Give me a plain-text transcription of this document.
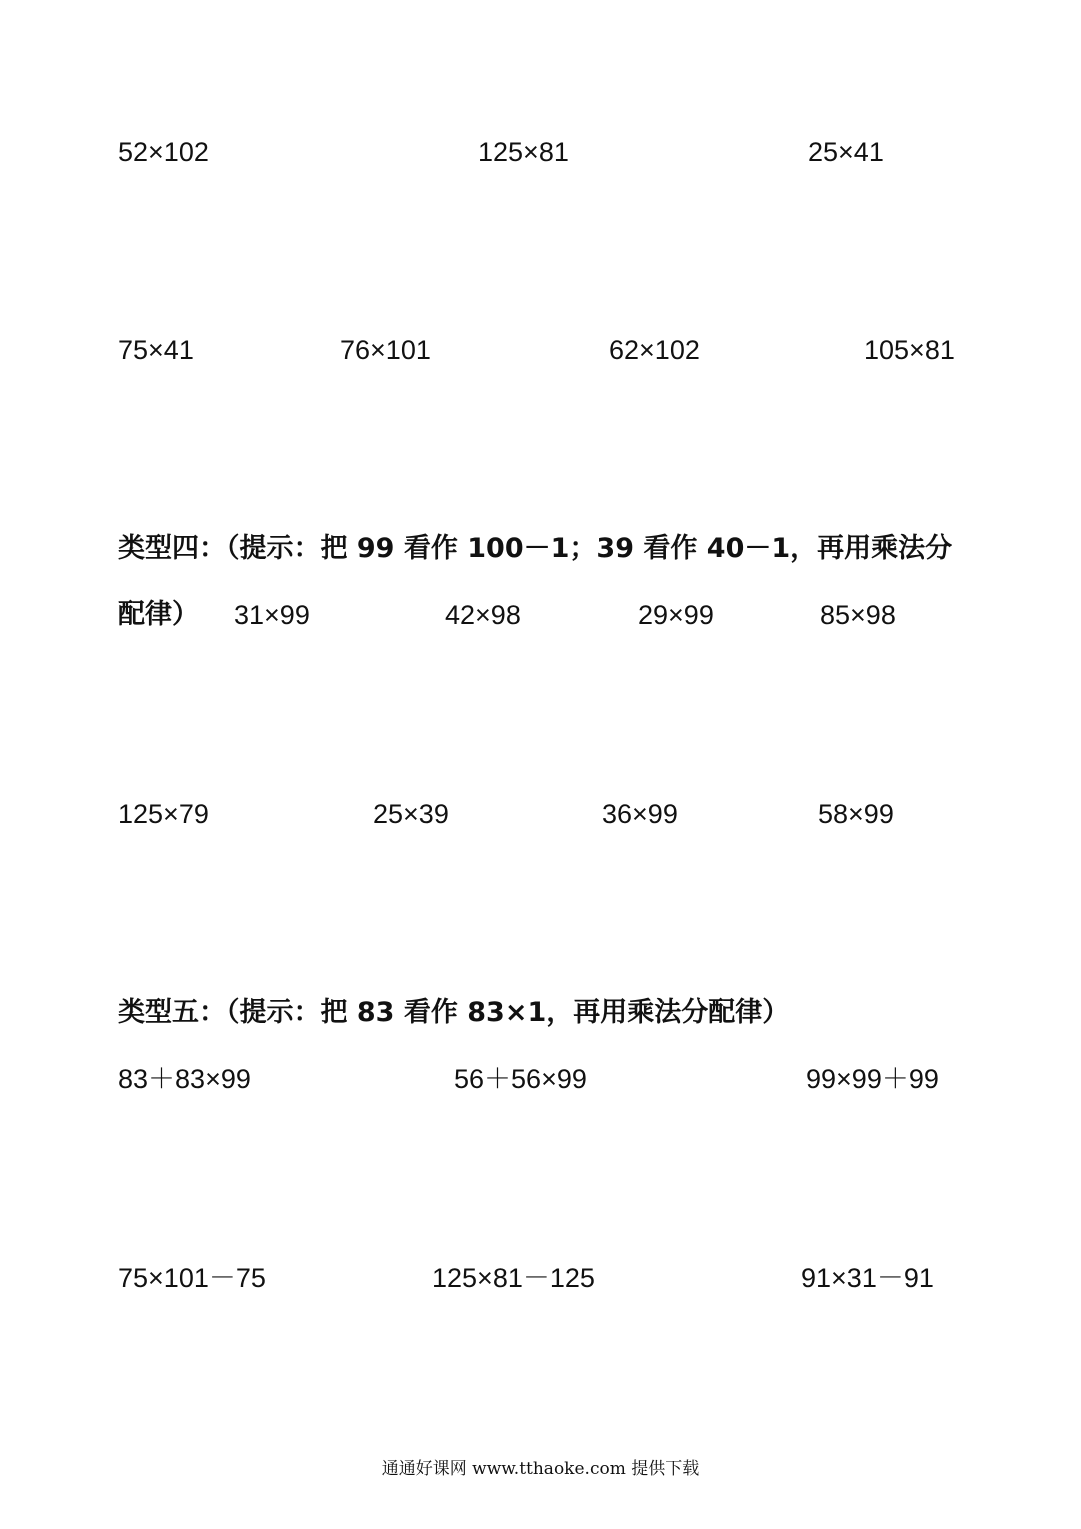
52×102	125×81	25×41
75×41	76×101	62×102	105×81
类型四：（提示：把 99 看作 100－1；39 看作 40－1，再用乘法分
配律） 31×99	42×98	29×99	85×98
125×79	25×39	36×99	58×99
类型五：（提示：把 83 看作 83×1，再用乘法分配律）
83＋83×99	56＋56×99	99×99＋99
75×101－75	125×81－125	91×31－91
通通好课网 www.tthaoke.com 提供下载
